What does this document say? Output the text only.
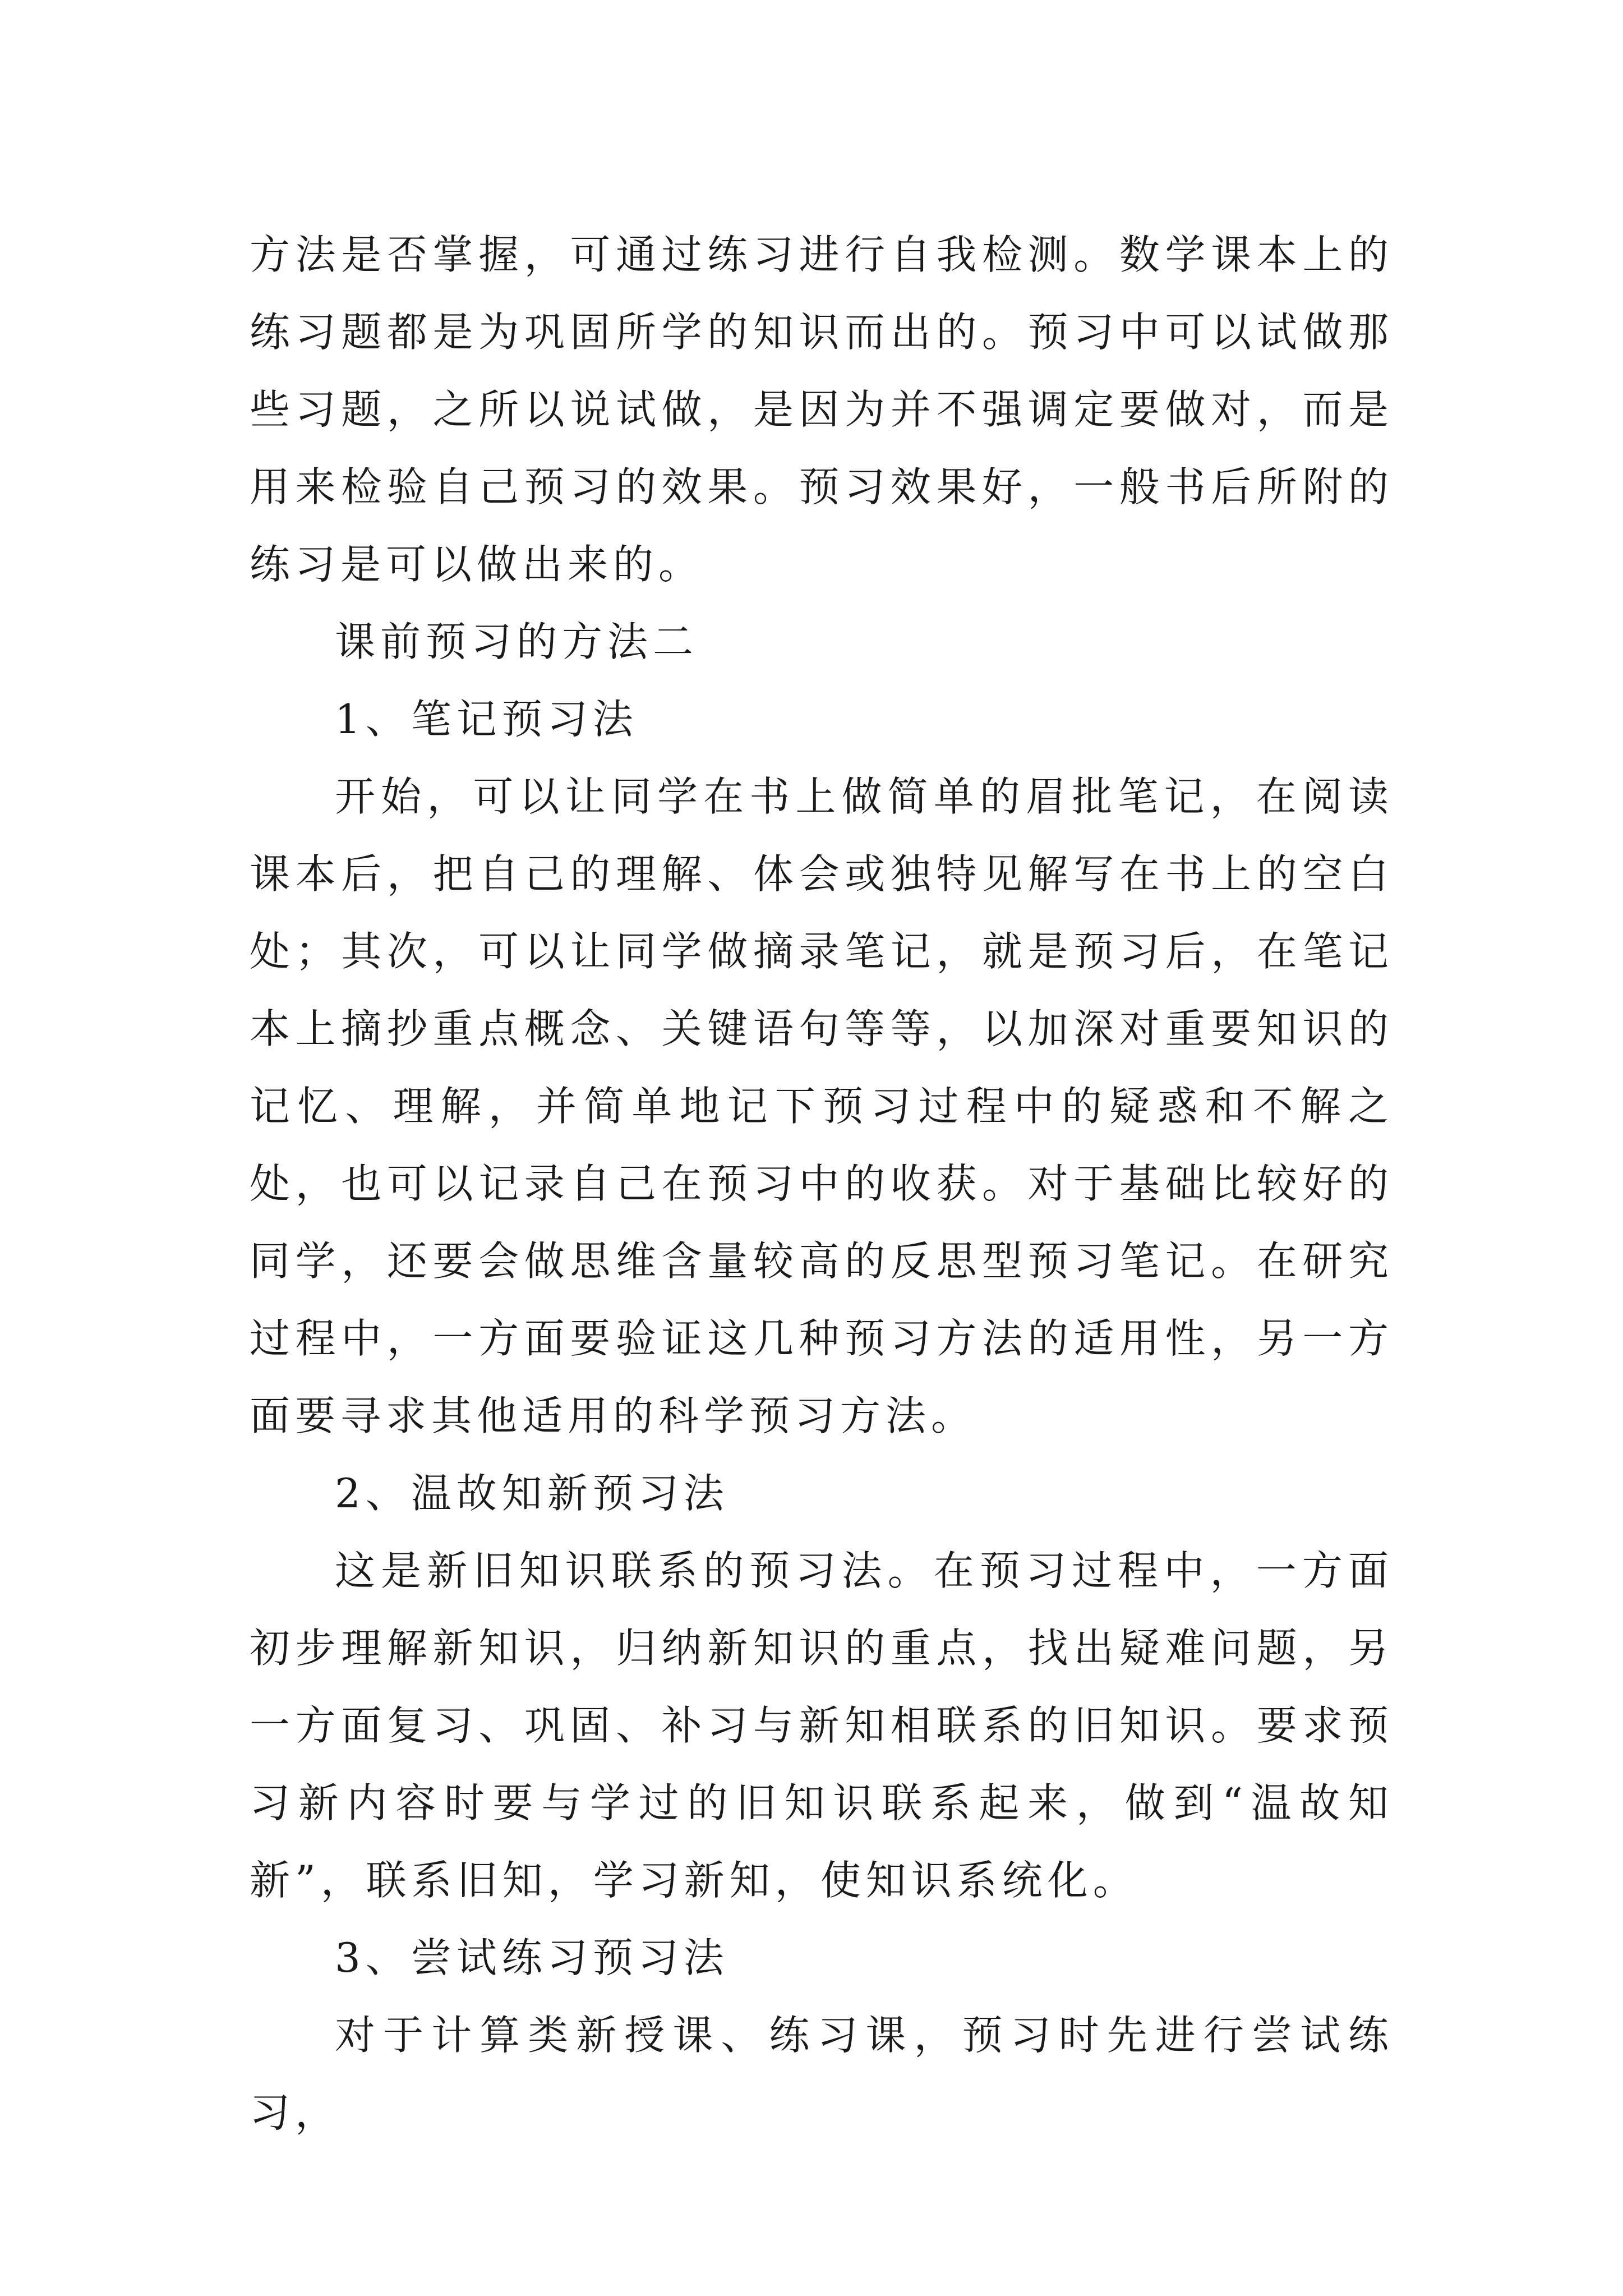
方法是否掌握，可通过练习进行自我检测。数学课本上的练习题都是为巩固所学的知识而出的。预习中可以试做那些习题，之所以说试做，是因为并不强调定要做对，而是用来检验自己预习的效果。预习效果好，一般书后所附的练习是可以做出来的。

课前预习的方法二

1、笔记预习法

开始，可以让同学在书上做简单的眉批笔记，在阅读课本后，把自己的理解、体会或独特见解写在书上的空白处；其次，可以让同学做摘录笔记，就是预习后，在笔记本上摘抄重点概念、关键语句等等，以加深对重要知识的记忆、理解，并简单地记下预习过程中的疑惑和不解之处，也可以记录自己在预习中的收获。对于基础比较好的同学，还要会做思维含量较高的反思型预习笔记。在研究过程中，一方面要验证这几种预习方法的适用性，另一方面要寻求其他适用的科学预习方法。

2、温故知新预习法

这是新旧知识联系的预习法。在预习过程中，一方面初步理解新知识，归纳新知识的重点，找出疑难问题，另一方面复习、巩固、补习与新知相联系的旧知识。要求预习新内容时要与学过的旧知识联系起来，做到“温故知新”，联系旧知，学习新知，使知识系统化。

3、尝试练习预习法

对于计算类新授课、练习课，预习时先进行尝试练习，
